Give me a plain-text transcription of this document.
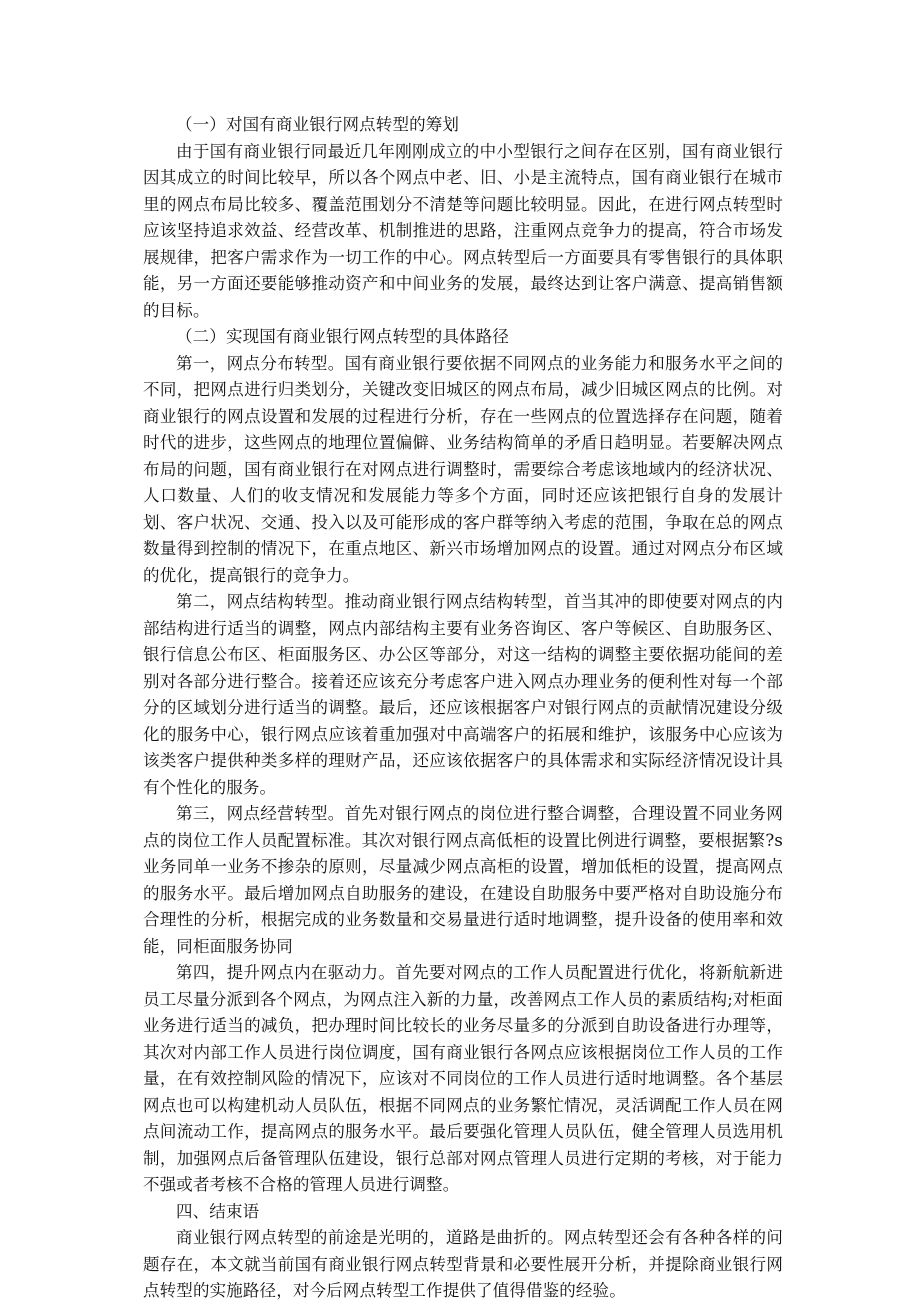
（一）对国有商业银行网点转型的筹划

由于国有商业银行同最近几年刚刚成立的中小型银行之间存在区别，国有商业银行因其成立的时间比较早，所以各个网点中老、旧、小是主流特点，国有商业银行在城市里的网点布局比较多、覆盖范围划分不清楚等问题比较明显。因此，在进行网点转型时应该坚持追求效益、经营改革、机制推进的思路，注重网点竞争力的提高，符合市场发展规律，把客户需求作为一切工作的中心。网点转型后一方面要具有零售银行的具体职能，另一方面还要能够推动资产和中间业务的发展，最终达到让客户满意、提高销售额的目标。

（二）实现国有商业银行网点转型的具体路径

第一，网点分布转型。国有商业银行要依据不同网点的业务能力和服务水平之间的不同，把网点进行归类划分，关键改变旧城区的网点布局，减少旧城区网点的比例。对商业银行的网点设置和发展的过程进行分析，存在一些网点的位置选择存在问题，随着时代的进步，这些网点的地理位置偏僻、业务结构简单的矛盾日趋明显。若要解决网点布局的问题，国有商业银行在对网点进行调整时，需要综合考虑该地域内的经济状况、人口数量、人们的收支情况和发展能力等多个方面，同时还应该把银行自身的发展计划、客户状况、交通、投入以及可能形成的客户群等纳入考虑的范围，争取在总的网点数量得到控制的情况下，在重点地区、新兴市场增加网点的设置。通过对网点分布区域的优化，提高银行的竞争力。

第二，网点结构转型。推动商业银行网点结构转型，首当其冲的即使要对网点的内部结构进行适当的调整，网点内部结构主要有业务咨询区、客户等候区、自助服务区、银行信息公布区、柜面服务区、办公区等部分，对这一结构的调整主要依据功能间的差别对各部分进行整合。接着还应该充分考虑客户进入网点办理业务的便利性对每一个部分的区域划分进行适当的调整。最后，还应该根据客户对银行网点的贡献情况建设分级化的服务中心，银行网点应该着重加强对中高端客户的拓展和维护，该服务中心应该为该类客户提供种类多样的理财产品，还应该依据客户的具体需求和实际经济情况设计具有个性化的服务。

第三，网点经营转型。首先对银行网点的岗位进行整合调整，合理设置不同业务网点的岗位工作人员配置标准。其次对银行网点高低柜的设置比例进行调整，要根据繁?s业务同单一业务不掺杂的原则，尽量减少网点高柜的设置，增加低柜的设置，提高网点的服务水平。最后增加网点自助服务的建设，在建设自助服务中要严格对自助设施分布合理性的分析，根据完成的业务数量和交易量进行适时地调整，提升设备的使用率和效能，同柜面服务协同

第四，提升网点内在驱动力。首先要对网点的工作人员配置进行优化，将新航新进员工尽量分派到各个网点，为网点注入新的力量，改善网点工作人员的素质结构;对柜面业务进行适当的减负，把办理时间比较长的业务尽量多的分派到自助设备进行办理等，其次对内部工作人员进行岗位调度，国有商业银行各网点应该根据岗位工作人员的工作量，在有效控制风险的情况下，应该对不同岗位的工作人员进行适时地调整。各个基层网点也可以构建机动人员队伍，根据不同网点的业务繁忙情况，灵活调配工作人员在网点间流动工作，提高网点的服务水平。最后要强化管理人员队伍，健全管理人员选用机制，加强网点后备管理队伍建设，银行总部对网点管理人员进行定期的考核，对于能力不强或者考核不合格的管理人员进行调整。

四、结束语

商业银行网点转型的前途是光明的，道路是曲折的。网点转型还会有各种各样的问题存在，本文就当前国有商业银行网点转型背景和必要性展开分析，并提除商业银行网点转型的实施路径，对今后网点转型工作提供了值得借鉴的经验。
